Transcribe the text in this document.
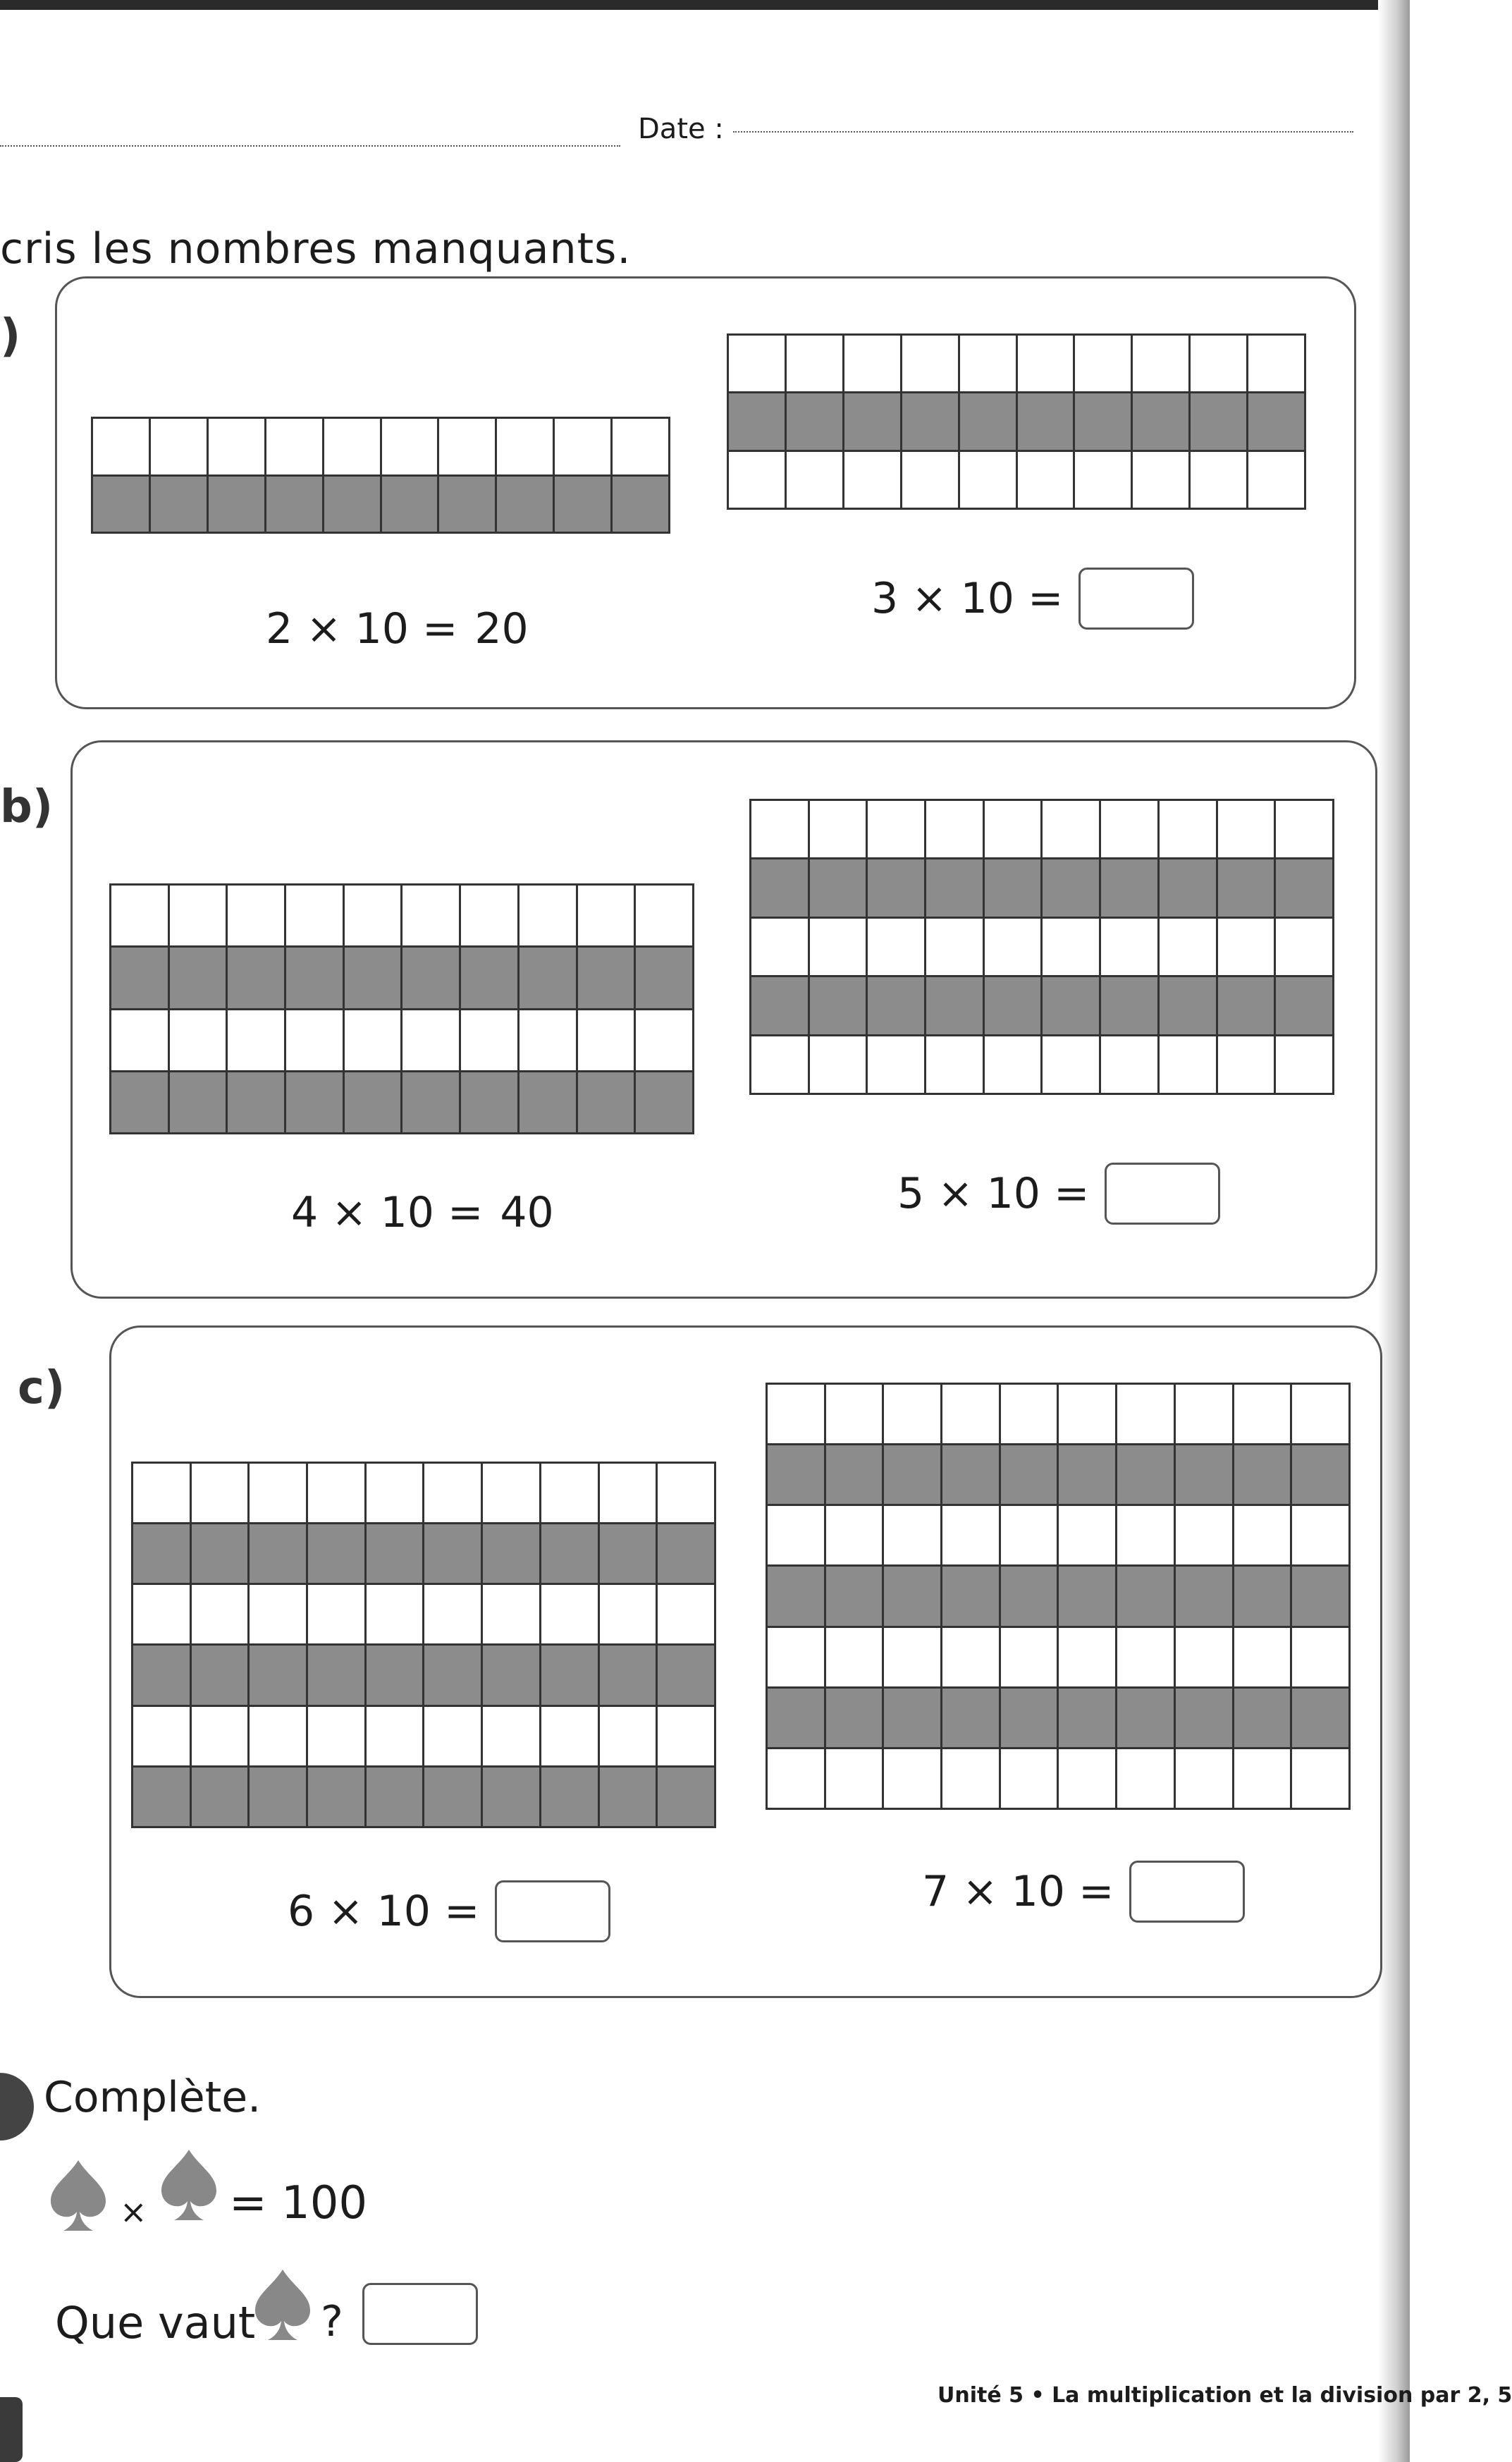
Date :
cris les nombres manquants.
)
2
×
10
= 20
3
×
10
=
b)
4
×
10
= 40	5
×
10
=
c)
6
×
10
=	7
×
10
=
Complète.
× = 100
Que vaut ?
Unité 5 • La multiplication et la division par 2, 5
